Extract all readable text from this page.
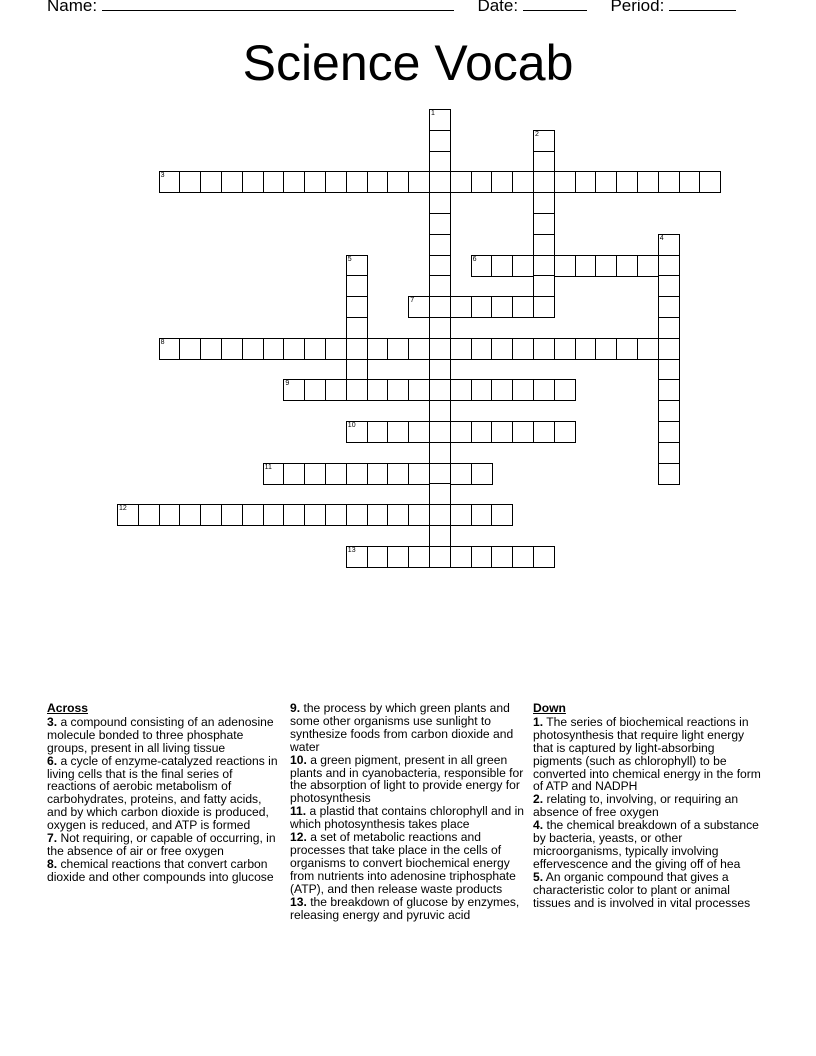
Name:	Date:	Period:
Science Vocab
1
2
3
4
5	6
7
8
9
10
11
12
13
Across
3. a compound consisting of an adenosine molecule bonded to three phosphate groups, present in all living tissue
6. a cycle of enzyme-catalyzed reactions in living cells that is the final series of reactions of aerobic metabolism of carbohydrates, proteins, and fatty acids, and by which carbon dioxide is produced, oxygen is reduced, and ATP is formed
7. Not requiring, or capable of occurring, in the absence of air or free oxygen
8. chemical reactions that convert carbon dioxide and other compounds into glucose
9. the process by which green plants and some other organisms use sunlight to synthesize foods from carbon dioxide and water
10. a green pigment, present in all green plants and in cyanobacteria, responsible for the absorption of light to provide energy for photosynthesis
11. a plastid that contains chlorophyll and in which photosynthesis takes place
12. a set of metabolic reactions and processes that take place in the cells of organisms to convert biochemical energy from nutrients into adenosine triphosphate (ATP), and then release waste products
13. the breakdown of glucose by enzymes, releasing energy and pyruvic acid
Down
1. The series of biochemical reactions in photosynthesis that require light energy that is captured by light-absorbing pigments (such as chlorophyll) to be converted into chemical energy in the form of ATP and NADPH
2. relating to, involving, or requiring an absence of free oxygen
4. the chemical breakdown of a substance by bacteria, yeasts, or other microorganisms, typically involving effervescence and the giving off of hea
5. An organic compound that gives a characteristic color to plant or animal tissues and is involved in vital processes
